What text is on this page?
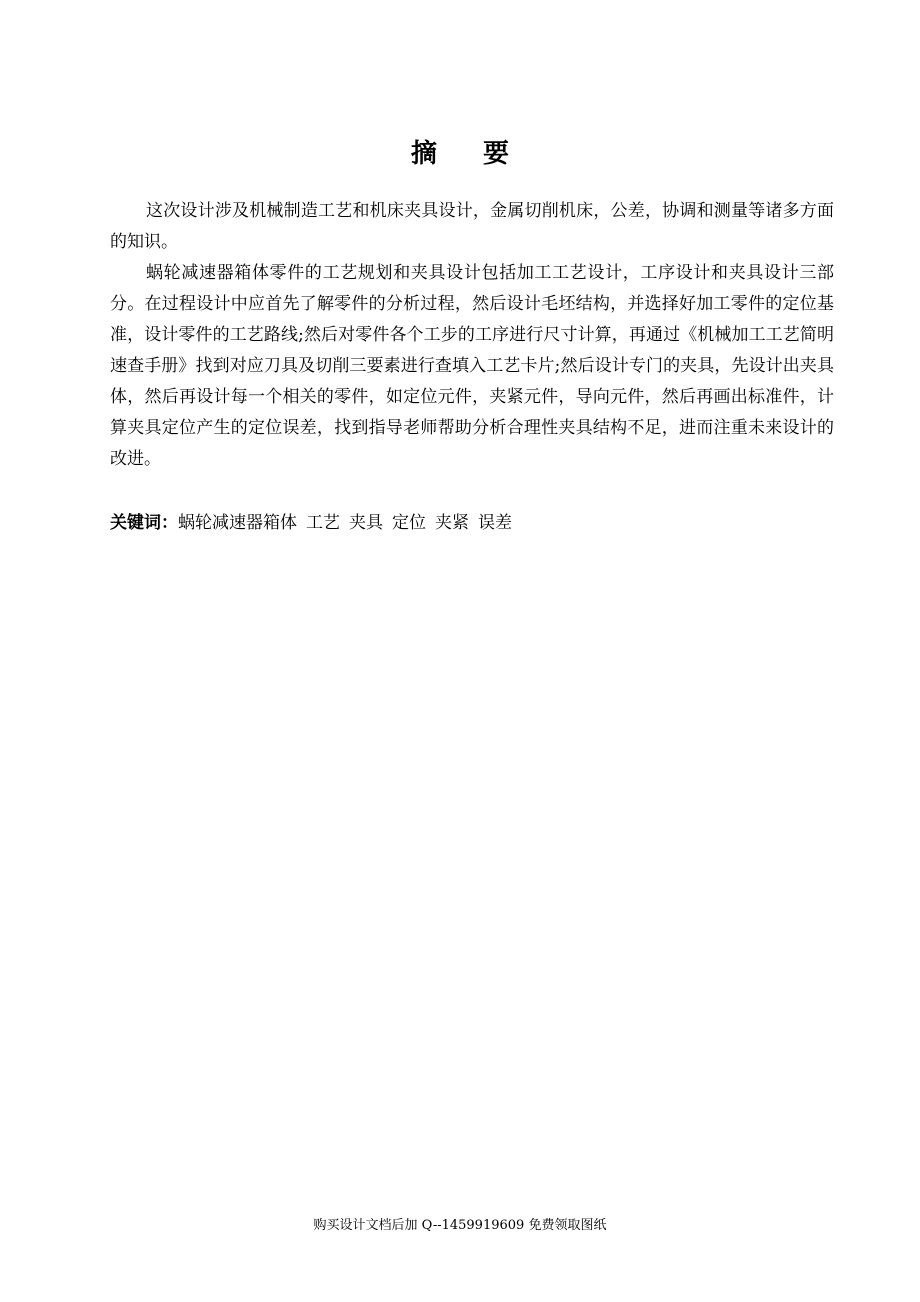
摘要

这次设计涉及机械制造工艺和机床夹具设计，金属切削机床，公差，协调和测量等诸多方面的知识。

蜗轮减速器箱体零件的工艺规划和夹具设计包括加工工艺设计，工序设计和夹具设计三部分。在过程设计中应首先了解零件的分析过程，然后设计毛坯结构，并选择好加工零件的定位基准，设计零件的工艺路线;然后对零件各个工步的工序进行尺寸计算，再通过《机械加工工艺简明速查手册》找到对应刀具及切削三要素进行查填入工艺卡片;然后设计专门的夹具，先设计出夹具体，然后再设计每一个相关的零件，如定位元件，夹紧元件，导向元件，然后再画出标准件，计算夹具定位产生的定位误差，找到指导老师帮助分析合理性夹具结构不足，进而注重未来设计的改进。

关键词：蜗轮减速器箱体 工艺 夹具 定位 夹紧 误差
购买设计文档后加 Q--1459919609 免费领取图纸
